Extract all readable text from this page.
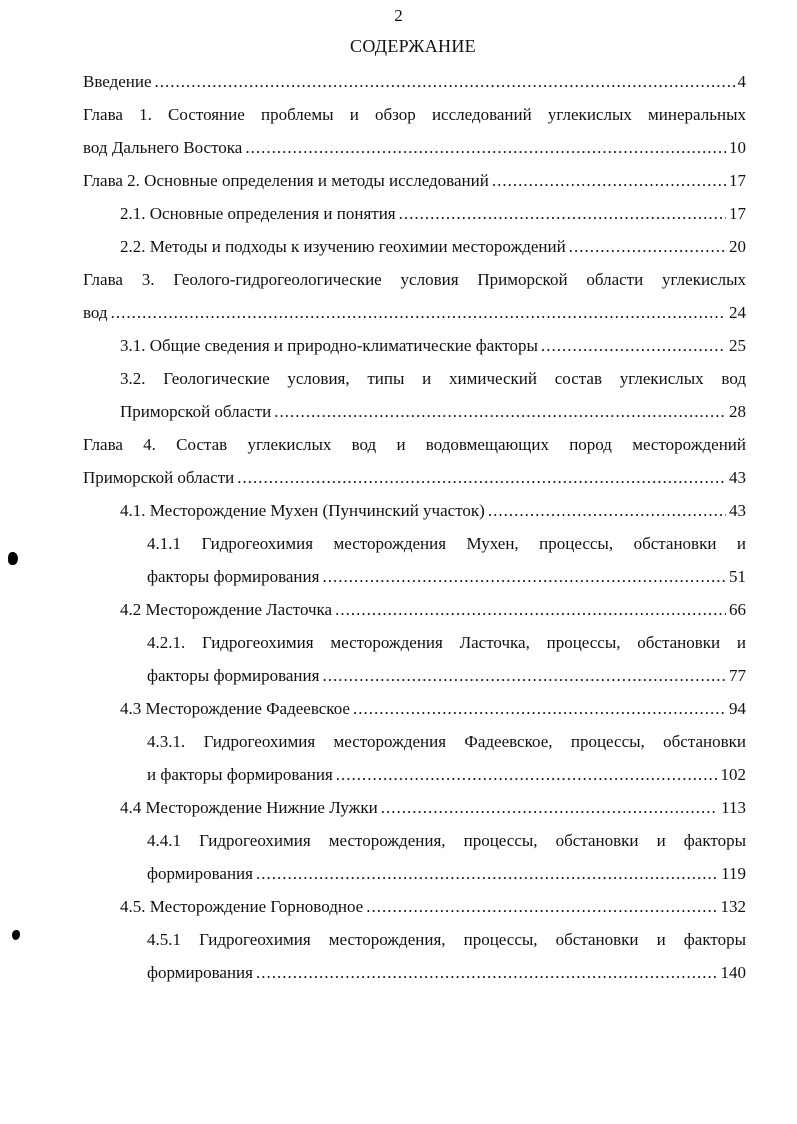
2
СОДЕРЖАНИЕ
Введение .....	4
Глава 1. Состояние проблемы и обзор исследований углекислых минеральных
вод Дальнего Востока .....	10
Глава 2. Основные определения и методы исследований .....	17
2.1. Основные определения и понятия .....	17
2.2. Методы и подходы к изучению геохимии месторождений .....	20
Глава 3. Геолого-гидрогеологические условия Приморской области углекислых
вод .....	24
3.1. Общие сведения и природно-климатические факторы .....	25
3.2. Геологические условия, типы и химический состав углекислых вод
Приморской области .....	28
Глава 4. Состав углекислых вод и водовмещающих пород месторождений
Приморской области .....	43
4.1. Месторождение Мухен (Пунчинский участок) .....	43
4.1.1 Гидрогеохимия месторождения Мухен, процессы, обстановки и
факторы формирования .....	51
4.2 Месторождение Ласточка .....	66
4.2.1. Гидрогеохимия месторождения Ласточка, процессы, обстановки и
факторы формирования .....	77
4.3 Месторождение Фадеевское .....	94
4.3.1. Гидрогеохимия месторождения Фадеевское, процессы, обстановки
и факторы формирования .....	102
4.4 Месторождение Нижние Лужки .....	113
4.4.1 Гидрогеохимия месторождения, процессы, обстановки и факторы
формирования .....	119
4.5. Месторождение Горноводное .....	132
4.5.1 Гидрогеохимия месторождения, процессы, обстановки и факторы
формирования .....	140
